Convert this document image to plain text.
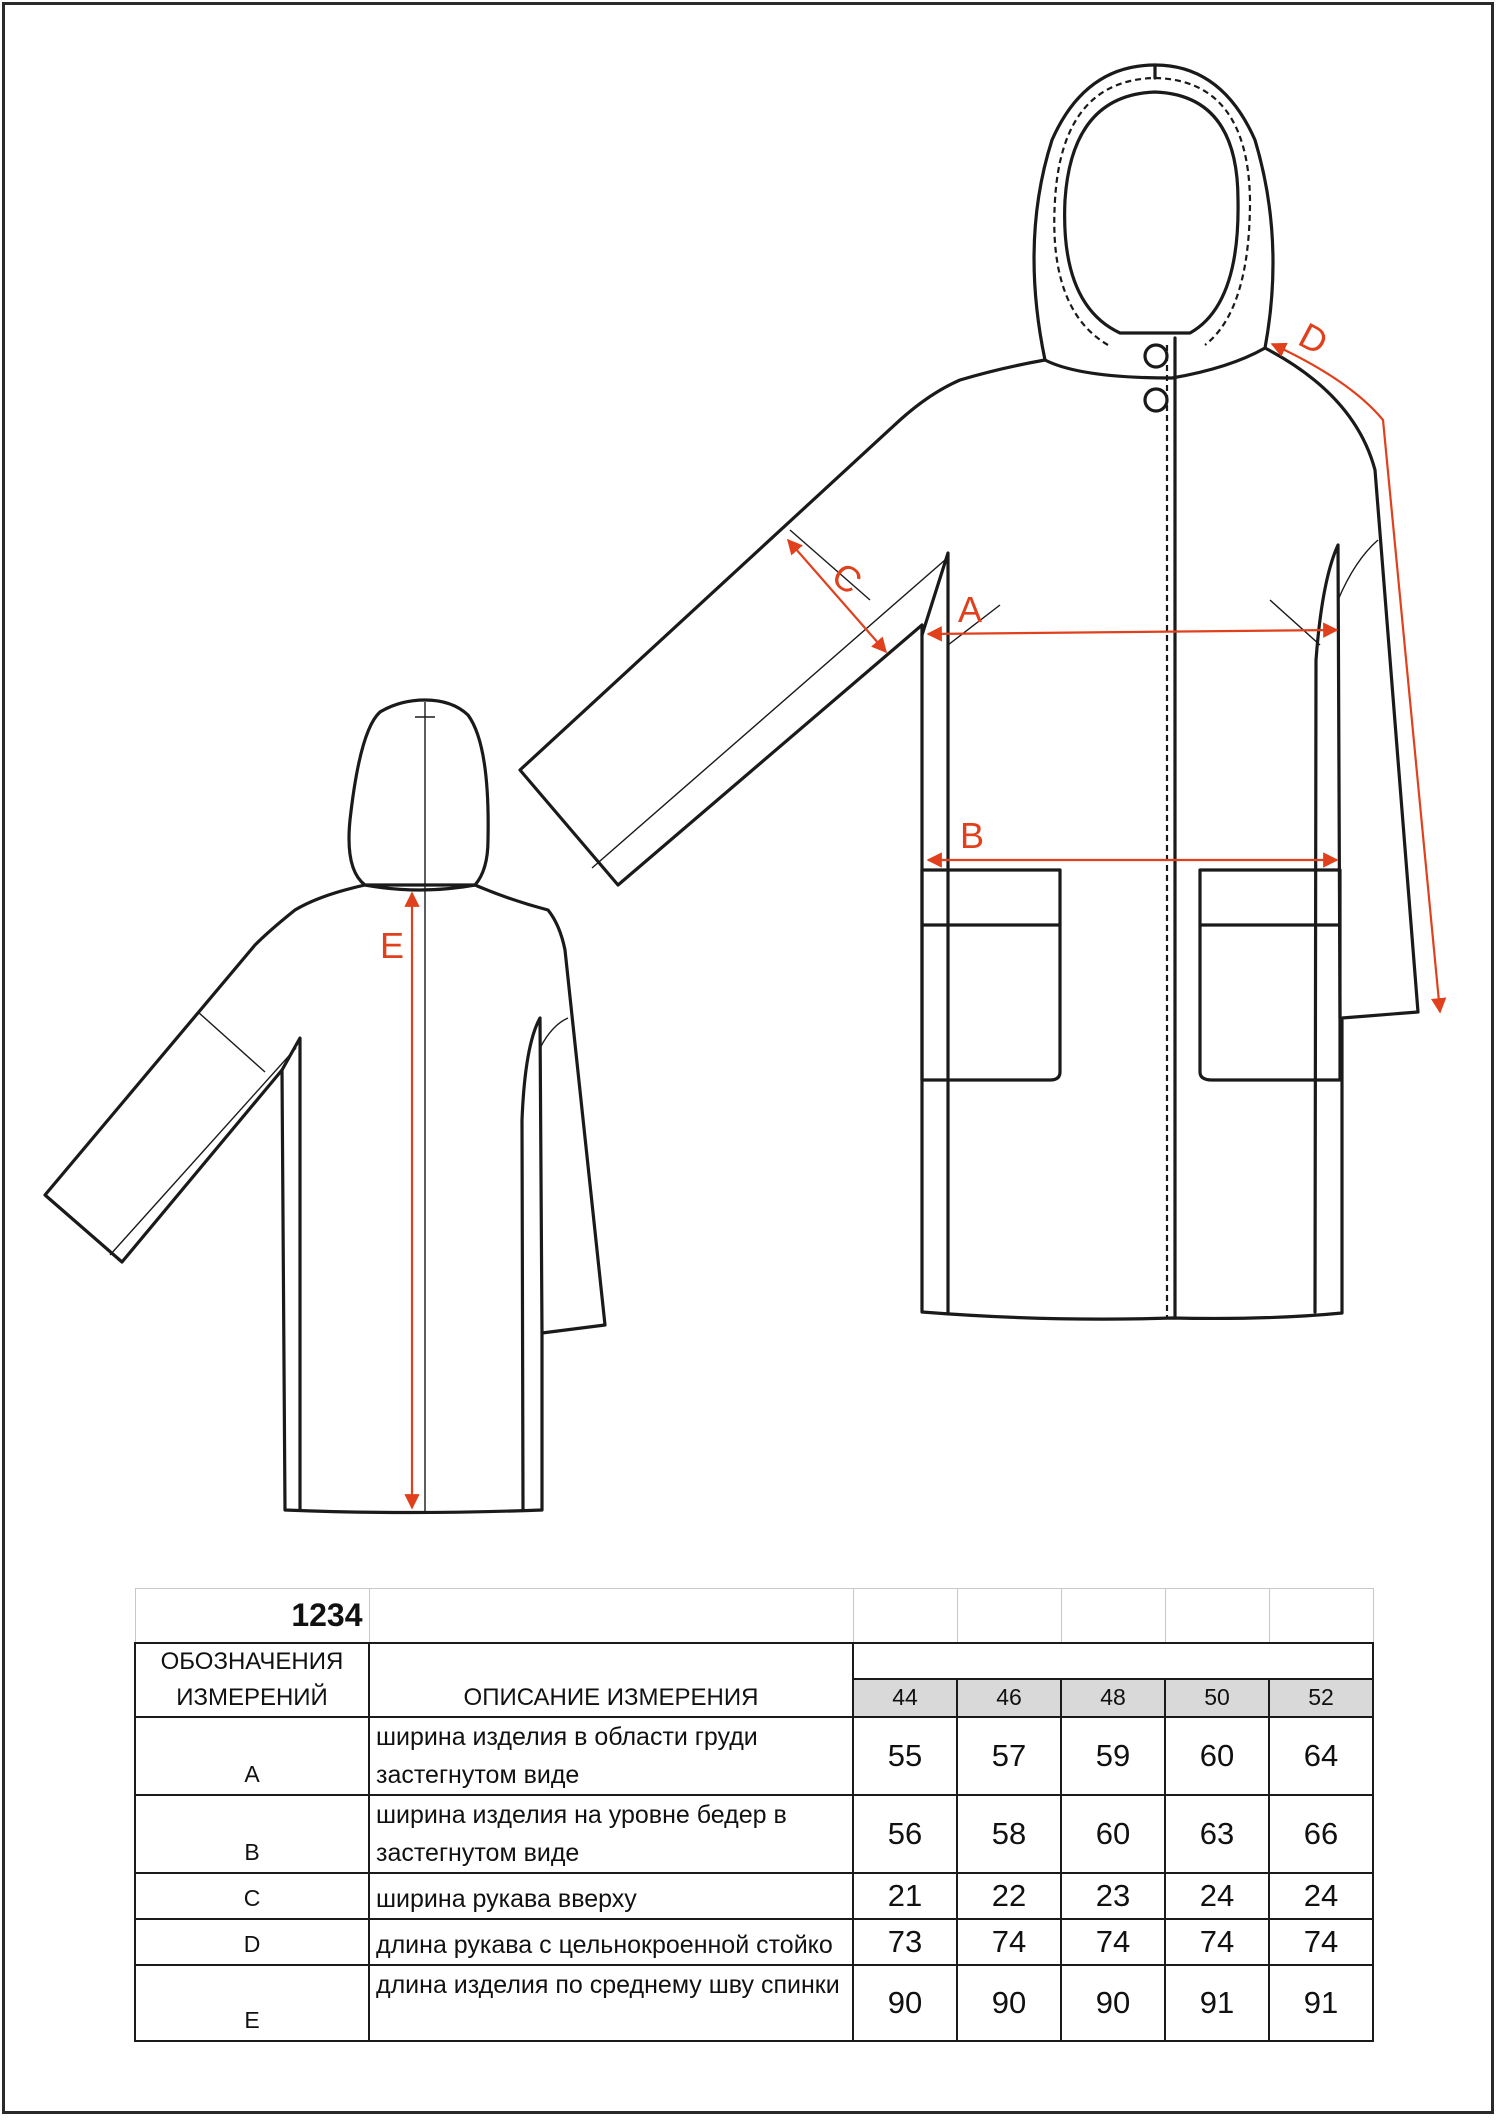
A
B
C
D
E
1234						
ОБОЗНАЧЕНИЯ ИЗМЕРЕНИЙ	ОПИСАНИЕ ИЗМЕРЕНИЯ					
		44	46	48	50	52
A	ширина изделия в области груди застегнутом виде	55	57	59	60	64
B	ширина изделия на уровне бедер в застегнутом виде	56	58	60	63	66
C	ширина рукава вверху	21	22	23	24	24
D	длина рукава с цельнокроенной стойко	73	74	74	74	74
E	длина изделия по среднему шву спинки	90	90	90	91	91
